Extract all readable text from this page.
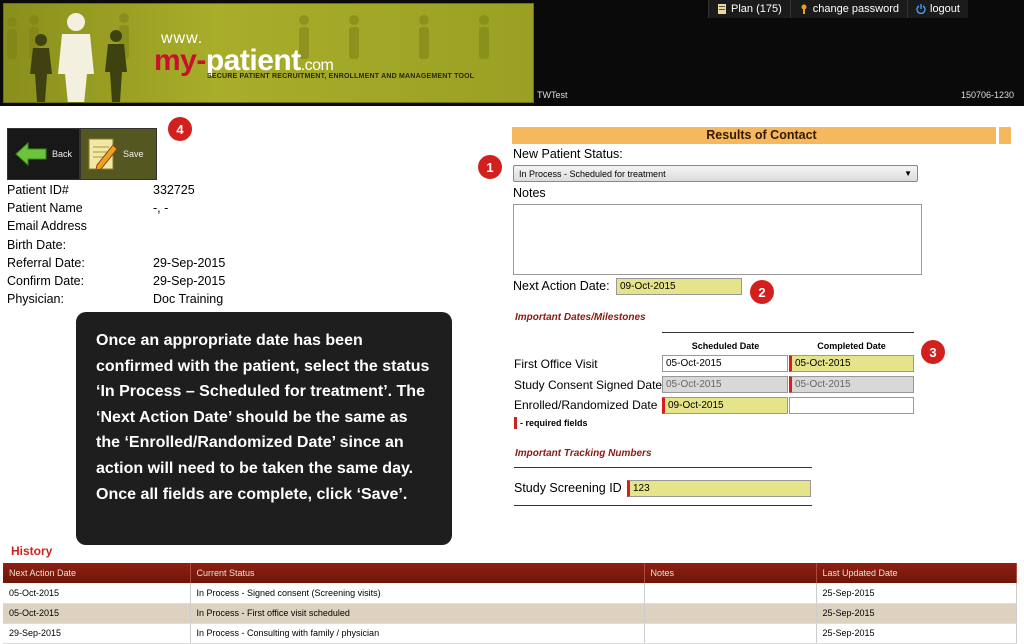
www.
my-patient.com
SECURE PATIENT RECRUITMENT, ENROLLMENT AND MANAGEMENT TOOL
Plan (175)	change password	logout
TWTest	150706-1230
Back	Save
4
Patient ID#	332725
Patient Name	-, -
Email Address
Birth Date:
Referral Date:	29-Sep-2015
Confirm Date:	29-Sep-2015
Physician:	Doc Training
Results of Contact
New Patient Status:
1	In Process - Scheduled for treatment	▼
Notes
Next Action Date:	09-Oct-2015	2
Important Dates/Milestones
Scheduled Date	Completed Date	3
First Office Visit	05-Oct-2015	05-Oct-2015
Study Consent Signed Date 05-Oct-2015	05-Oct-2015
Enrolled/Randomized Date	09-Oct-2015
- required fields
Important Tracking Numbers
Study Screening ID	123
Once an appropriate date has been confirmed with the patient, select the status ‘In Process – Scheduled for treatment’. The ‘Next Action Date’ should be the same as the ‘Enrolled/Randomized Date’ since an action will need to be taken the same day. Once all fields are complete, click ‘Save’.
History
Next Action Date	Current Status	Notes	Last Updated Date
05-Oct-2015	In Process - Signed consent (Screening visits)		25-Sep-2015
05-Oct-2015	In Process - First office visit scheduled		25-Sep-2015
29-Sep-2015	In Process - Consulting with family / physician		25-Sep-2015
